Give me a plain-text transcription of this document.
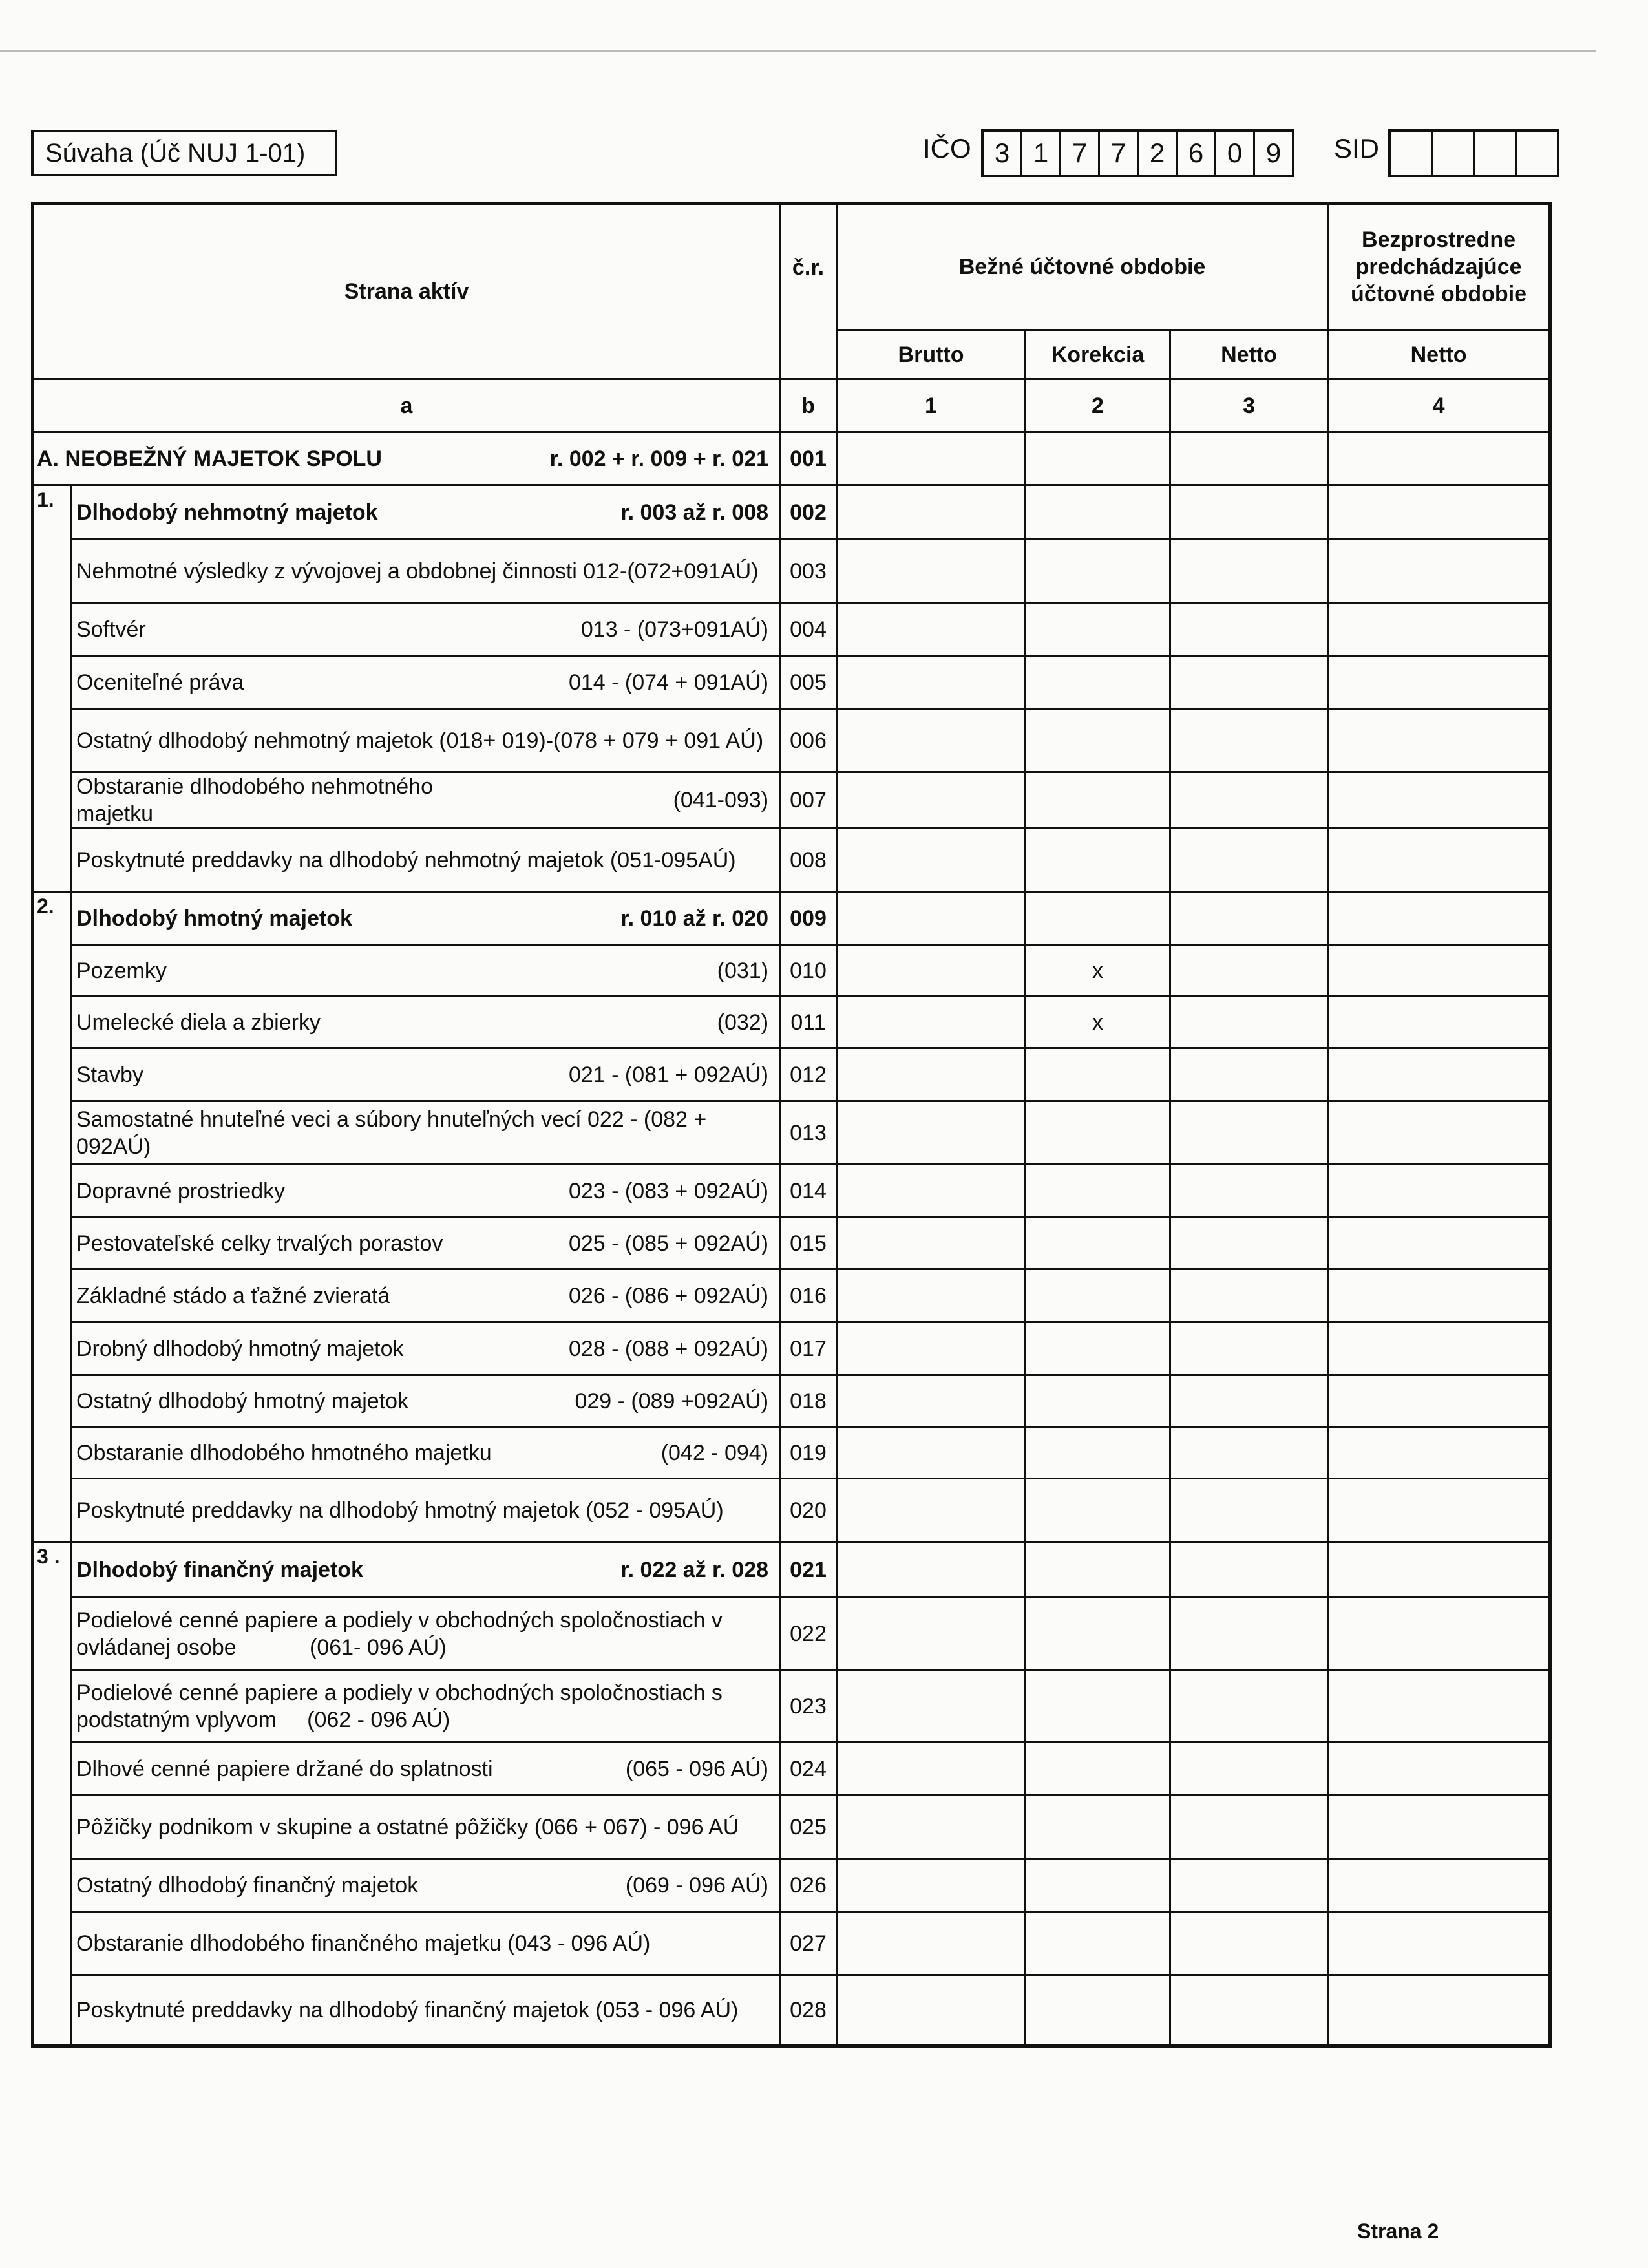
Súvaha (Úč NUJ 1-01)	IČO 3 1 7 7 2 6 0 9	SID
Strana aktív		č.r.	Bežné účtovné obdobie			Bezprostredne predchádzajúce účtovné obdobie
			Brutto	Korekcia	Netto	Netto
a		b	1	2	3	4
A. NEOBEŽNÝ MAJETOK SPOLU r. 002 + r. 009 + r. 021		001				

1.	Dlhodobý nehmotný majetok r. 003 až r. 008	002				
	Nehmotné výsledky z vývojovej a obdobnej činnosti 012-(072+091AÚ)	003				
	Softvér 013 - (073+091AÚ)	004				
	Oceniteľné práva 014 - (074 + 091AÚ)	005				
	Ostatný dlhodobý nehmotný majetok (018+ 019)-(078 + 079 + 091 AÚ)	006				
	Obstaranie dlhodobého nehmotného majetku
(041-093)	007				
	Poskytnuté preddavky na dlhodobý nehmotný majetok (051-095AÚ)	008				

2.	Dlhodobý hmotný majetok r. 010 až r. 020	009				
	Pozemky (031)	010		x		
	Umelecké diela a zbierky (032)	011		x		
	Stavby 021 - (081 + 092AÚ)	012				
	Samostatné hnuteľné veci a súbory hnuteľných vecí 022 - (082 + 092AÚ)	013				
	Dopravné prostriedky 023 - (083 + 092AÚ)	014				
	Pestovateľské celky trvalých porastov 025 - (085 + 092AÚ)	015				
	Základné stádo a ťažné zvieratá 026 - (086 + 092AÚ)	016				
	Drobný dlhodobý hmotný majetok 028 - (088 + 092AÚ)	017				
	Ostatný dlhodobý hmotný majetok 029 - (089 +092AÚ)	018				
	Obstaranie dlhodobého hmotného majetku (042 - 094)	019				
	Poskytnuté preddavky na dlhodobý hmotný majetok (052 - 095AÚ)	020				

3 .	Dlhodobý finančný majetok r. 022 až r. 028	021				
	Podielové cenné papiere a podiely v obchodných spoločnostiach v ovládanej osobe            (061- 096 AÚ)	022				
	Podielové cenné papiere a podiely v obchodných spoločnostiach s  podstatným vplyvom     (062 - 096 AÚ)	023				
	Dlhové cenné papiere držané do splatnosti (065 - 096 AÚ)	024				
	Pôžičky podnikom v skupine a ostatné pôžičky (066 + 067) - 096 AÚ	025				
	Ostatný dlhodobý finančný majetok (069 - 096 AÚ)	026				
	Obstaranie dlhodobého finančného majetku (043 - 096 AÚ)	027				
	Poskytnuté preddavky na dlhodobý finančný majetok (053 - 096 AÚ)	028				
Strana 2
